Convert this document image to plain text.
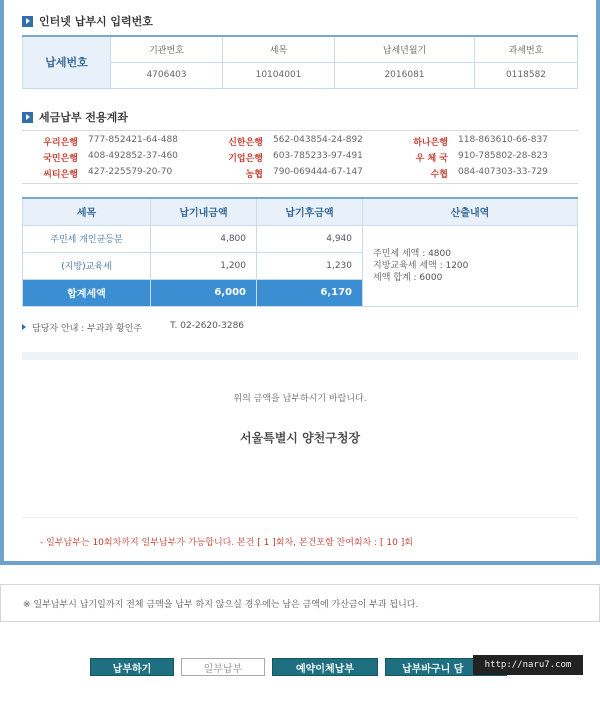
인터넷 납부시 입력번호
납세번호	기관번호	세목	납세년월기	과세번호
	4706403	10104001	2016081	0118582
세금납부 전용계좌
우리은행	777-852421-64-488	신한은행	562-043854-24-892	하나은행	118-863610-66-837
국민은행	408-492852-37-460	기업은행	603-785233-97-491	우 체 국	910-785802-28-823
씨티은행	427-225579-20-70	농협	790-069444-67-147	수협	084-407303-33-729
세목	납기내금액	납기후금액	산출내역
주민세 개인균등분	4,800	4,940	주민세 세액 : 4800
지방교육세 세액 : 1200
세액 합계 : 6000

(지방)교육세	1,200	1,230	
합계세액	6,000	6,170	
담당자 안내 : 부과과 황인주	T. 02-2620-3286
위의 금액을 납부하시기 바랍니다.
서울특별시 양천구청장
- 일부납부는 10회차까지 일부납부가 가능합니다. 본건 [ 1 ]회차, 본건포함 잔여회차 : [ 10 ]회
※ 일부납부시 납기일까지 전체 금액을 납부 하지 않으실 경우에는 남은 금액에 가산금이 부과 됩니다.
납부하기	일부납부	예약이체납부	납부바구니 담	http://naru7.com
